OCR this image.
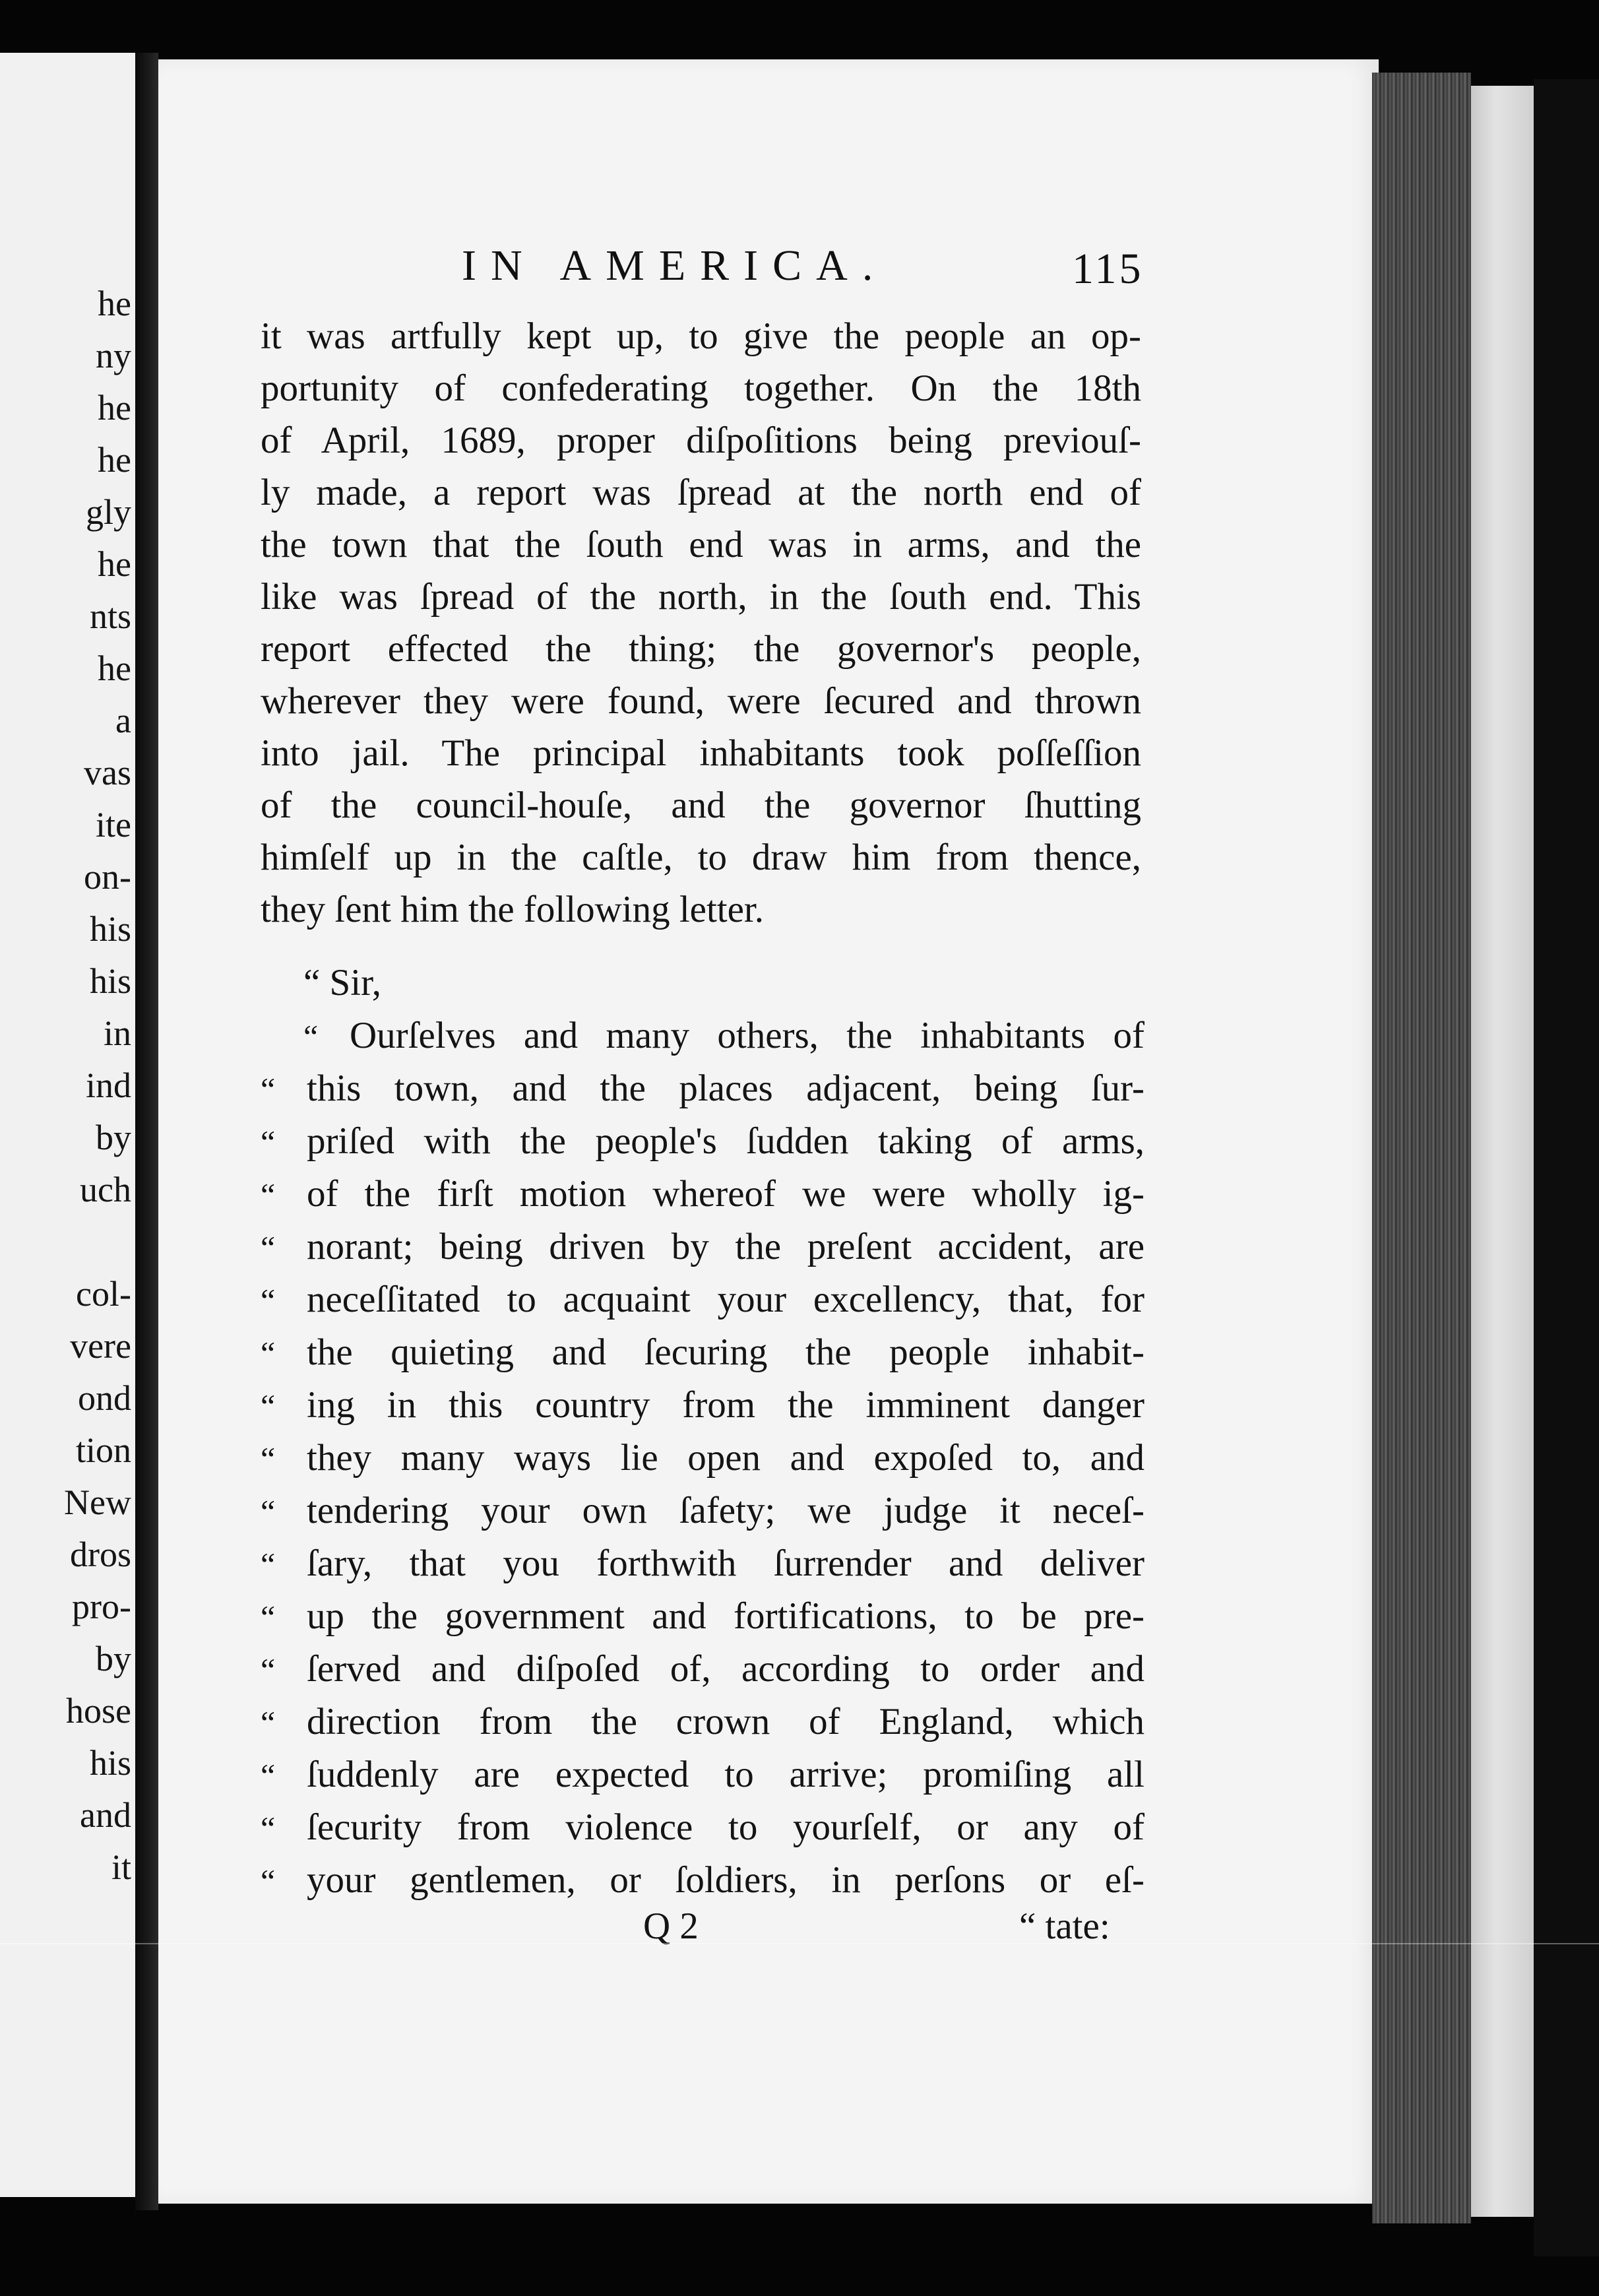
he
ny
he
he
gly
he
nts
he
a
vas
ite
on-
his
his
in
ind
by
uch
col-
vere
ond
tion
New
dros
pro-
by
hose
his
and
it
IN AMERICA.	115
it was artfully kept up, to give the people an op-
portunity of confederating together. On the 18th
of April, 1689, proper diſpoſitions being previouſ-
ly made, a report was ſpread at the north end of
the town that the ſouth end was in arms, and the
like was ſpread of the north, in the ſouth end. This
report effected the thing; the governor's people,
wherever they were found, were ſecured and thrown
into jail. The principal inhabitants took poſſeſſion
of the council-houſe, and the governor ſhutting
himſelf up in the caſtle, to draw him from thence,
they ſent him the following letter.
“ Sir,
“ Ourſelves and many others, the inhabitants of
“ this town, and the places adjacent, being ſur-
“ priſed with the people's ſudden taking of arms,
“ of the firſt motion whereof we were wholly ig-
“ norant; being driven by the preſent accident, are
“ neceſſitated to acquaint your excellency, that, for
“ the quieting and ſecuring the people inhabit-
“ ing in this country from the imminent danger
“ they many ways lie open and expoſed to, and
“ tendering your own ſafety; we judge it neceſ-
“ ſary, that you forthwith ſurrender and deliver
“ up the government and fortifications, to be pre-
“ ſerved and diſpoſed of, according to order and
“ direction from the crown of England, which
“ ſuddenly are expected to arrive; promiſing all
“ ſecurity from violence to yourſelf, or any of
“ your gentlemen, or ſoldiers, in perſons or eſ-
Q 2	“ tate:
